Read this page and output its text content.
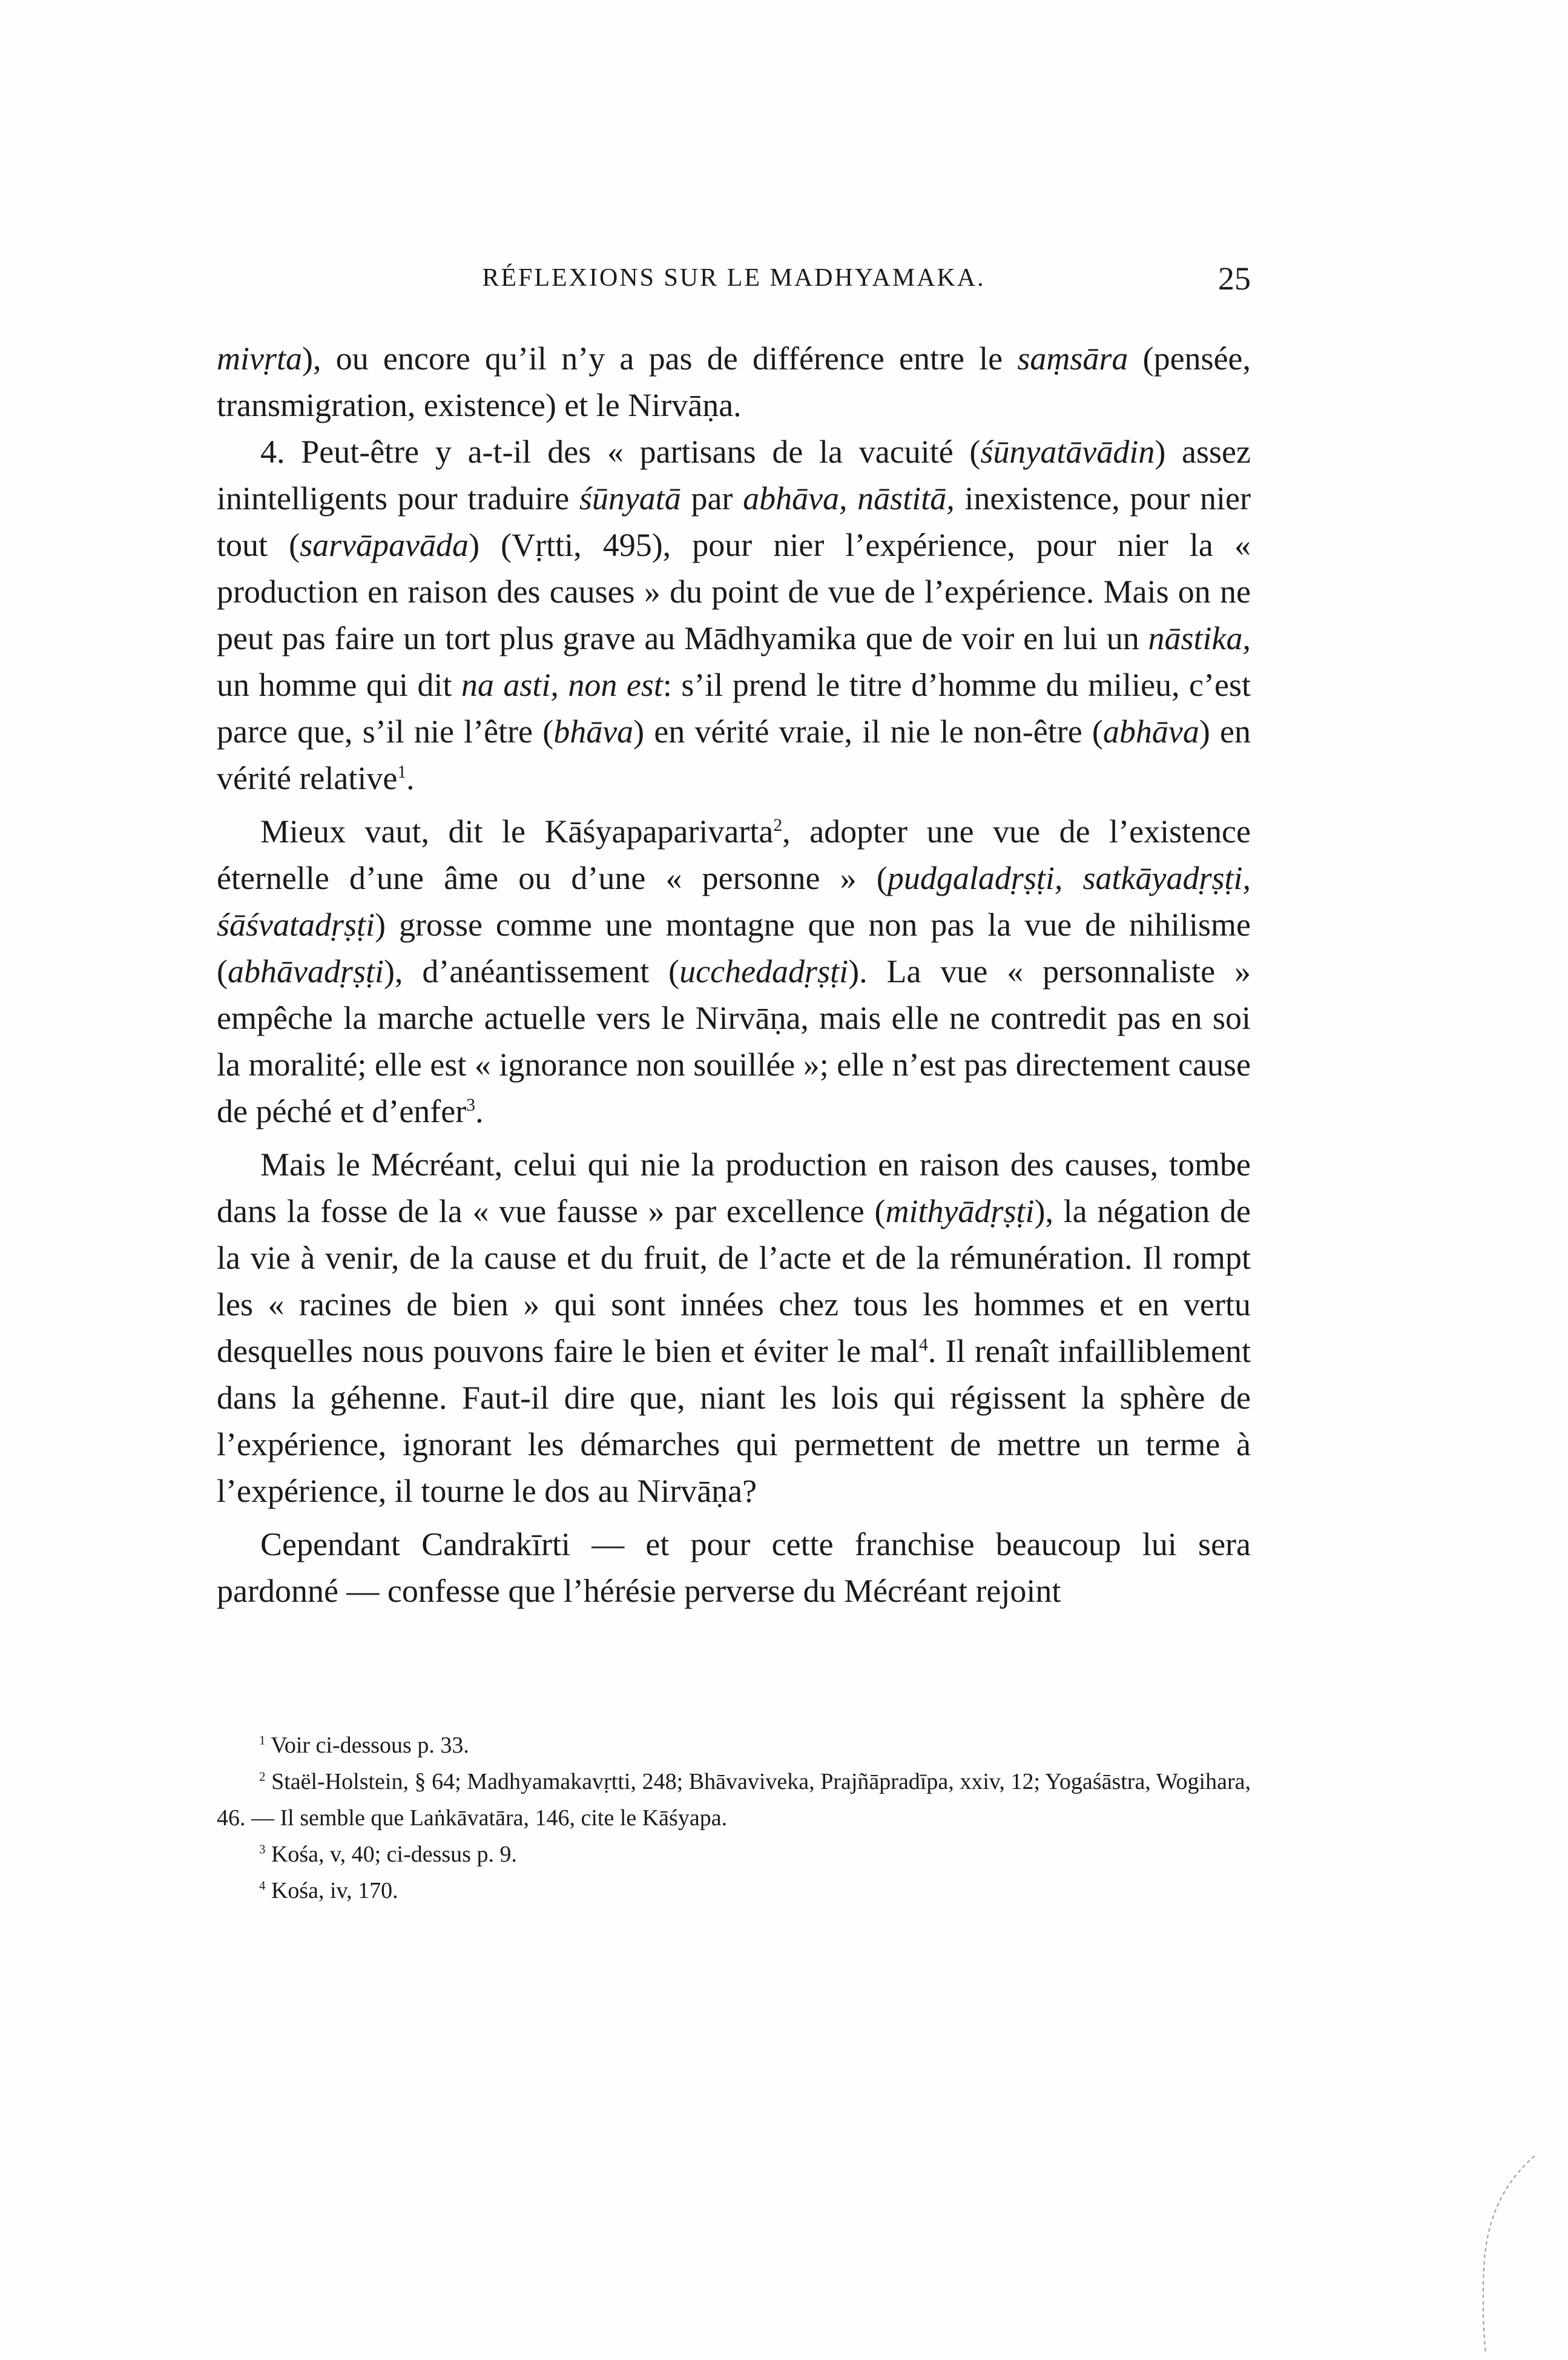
RÉFLEXIONS SUR LE MADHYAMAKA.	25

mivṛta), ou encore qu’il n’y a pas de différence entre le saṃsāra (pensée, transmigration, existence) et le Nirvāṇa.

4. Peut-être y a-t-il des « partisans de la vacuité (śūnyatāvādin) assez inintelligents pour traduire śūnyatā par abhāva, nāstitā, inexistence, pour nier tout (sarvāpavāda) (Vṛtti, 495), pour nier l’expérience, pour nier la « production en raison des causes » du point de vue de l’expérience. Mais on ne peut pas faire un tort plus grave au Mādhyamika que de voir en lui un nāstika, un homme qui dit na asti, non est: s’il prend le titre d’homme du milieu, c’est parce que, s’il nie l’être (bhāva) en vérité vraie, il nie le non-être (abhāva) en vérité relative$^1$.

Mieux vaut, dit le Kāśyapaparivarta$^2$, adopter une vue de l’existence éternelle d’une âme ou d’une « personne » (pudgaladṛṣṭi, satkāyadṛṣṭi, śāśvatadṛṣṭi) grosse comme une montagne que non pas la vue de nihilisme (abhāvadṛṣṭi), d’anéantissement (ucchedadṛṣṭi). La vue « personnaliste » empêche la marche actuelle vers le Nirvāṇa, mais elle ne contredit pas en soi la moralité; elle est « ignorance non souillée »; elle n’est pas directement cause de péché et d’enfer$^3$.

Mais le Mécréant, celui qui nie la production en raison des causes, tombe dans la fosse de la « vue fausse » par excellence (mithyādṛṣṭi), la négation de la vie à venir, de la cause et du fruit, de l’acte et de la rémunération. Il rompt les « racines de bien » qui sont innées chez tous les hommes et en vertu desquelles nous pouvons faire le bien et éviter le mal$^4$. Il renaît infailliblement dans la géhenne. Faut-il dire que, niant les lois qui régissent la sphère de l’expérience, ignorant les démarches qui permettent de mettre un terme à l’expérience, il tourne le dos au Nirvāṇa?

Cependant Candrakīrti — et pour cette franchise beaucoup lui sera pardonné — confesse que l’hérésie perverse du Mécréant rejoint

$^1$ Voir ci-dessous p. 33.

$^2$ Staël-Holstein, § 64; Madhyamakavṛtti, 248; Bhāvaviveka, Prajñāpradīpa, xxiv, 12; Yogaśāstra, Wogihara, 46. — Il semble que Laṅkāvatāra, 146, cite le Kāśyapa.

$^3$ Kośa, v, 40; ci-dessus p. 9.

$^4$ Kośa, iv, 170.
